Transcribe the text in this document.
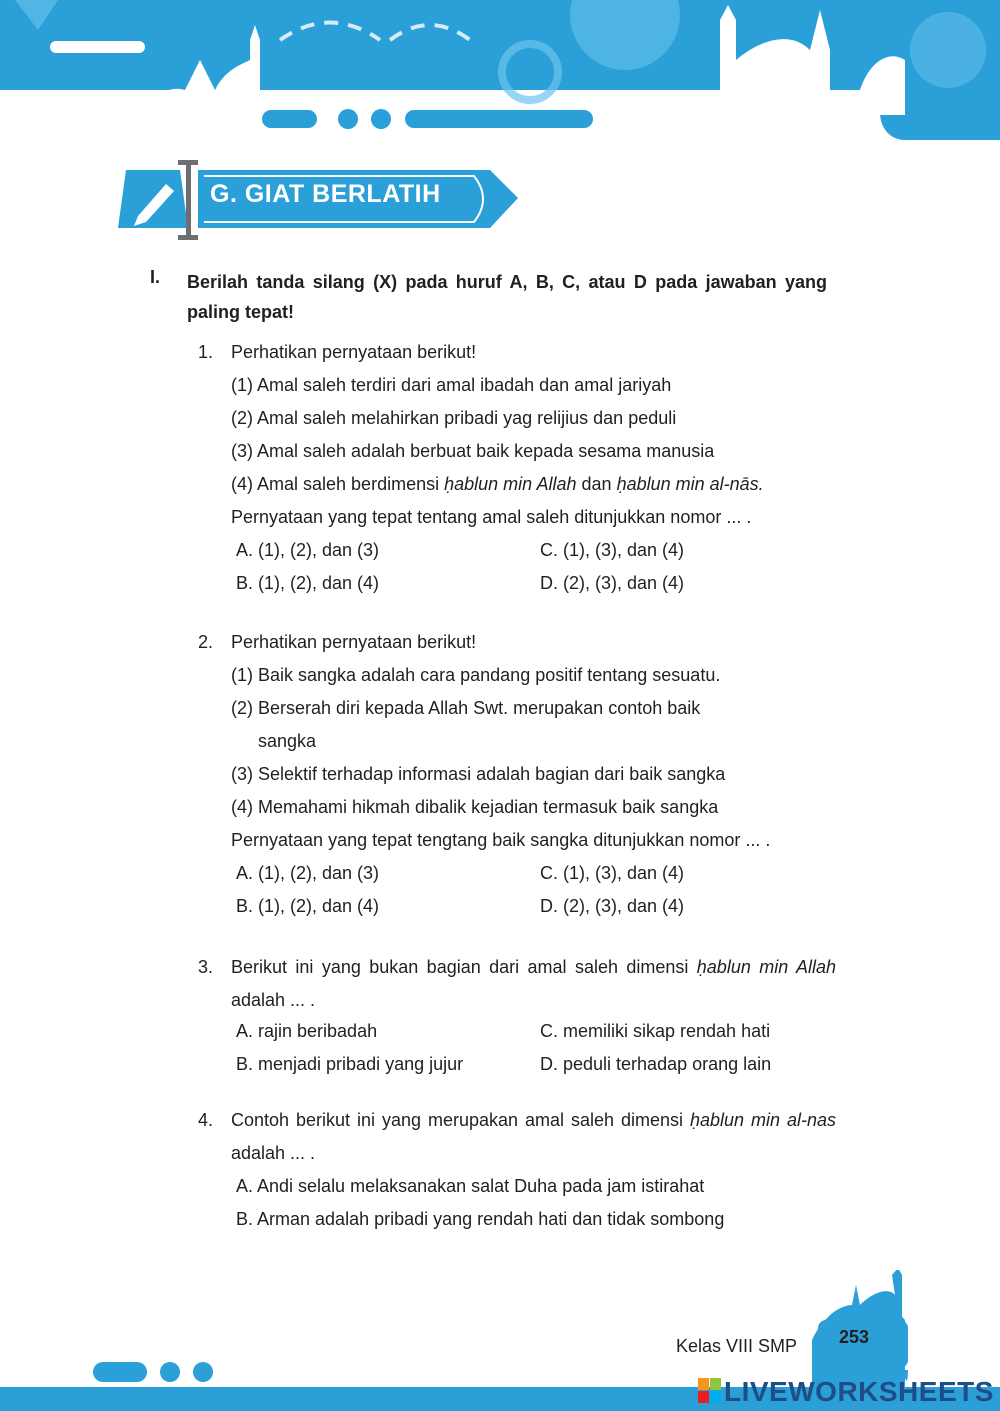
G. GIAT BERLATIH
I. Berilah tanda silang (X) pada huruf A, B, C, atau D pada jawaban yang paling tepat!
1. Perhatikan pernyataan berikut!
(1) Amal saleh terdiri dari amal ibadah dan amal jariyah
(2) Amal saleh melahirkan pribadi yag relijius dan peduli
(3) Amal saleh adalah berbuat baik kepada sesama manusia
(4) Amal saleh berdimensi ḥablun min Allah dan ḥablun min al-nās.
Pernyataan yang tepat tentang amal saleh ditunjukkan nomor ... .
A. (1), (2), dan (3)	C. (1), (3), dan (4)
B. (1), (2), dan (4)	D. (2), (3), dan (4)
2. Perhatikan pernyataan berikut!
(1) Baik sangka adalah cara pandang positif tentang sesuatu.
(2) Berserah diri kepada Allah Swt. merupakan contoh baik
sangka
(3) Selektif terhadap informasi adalah bagian dari baik sangka
(4) Memahami hikmah dibalik kejadian termasuk baik sangka
Pernyataan yang tepat tengtang baik sangka ditunjukkan nomor ... .
A. (1), (2), dan (3)	C. (1), (3), dan (4)
B. (1), (2), dan (4)	D. (2), (3), dan (4)
3. Berikut ini yang bukan bagian dari amal saleh dimensi ḥablun min Allah adalah ... .
A. rajin beribadah	C. memiliki sikap rendah hati
B. menjadi pribadi yang jujur	D. peduli terhadap orang lain
4. Contoh berikut ini yang merupakan amal saleh dimensi ḥablun min al-nas adalah ... .
A. Andi selalu melaksanakan salat Duha pada jam istirahat
B. Arman adalah pribadi yang rendah hati dan tidak sombong
Kelas VIII SMP 253
LIVEWORKSHEETS
